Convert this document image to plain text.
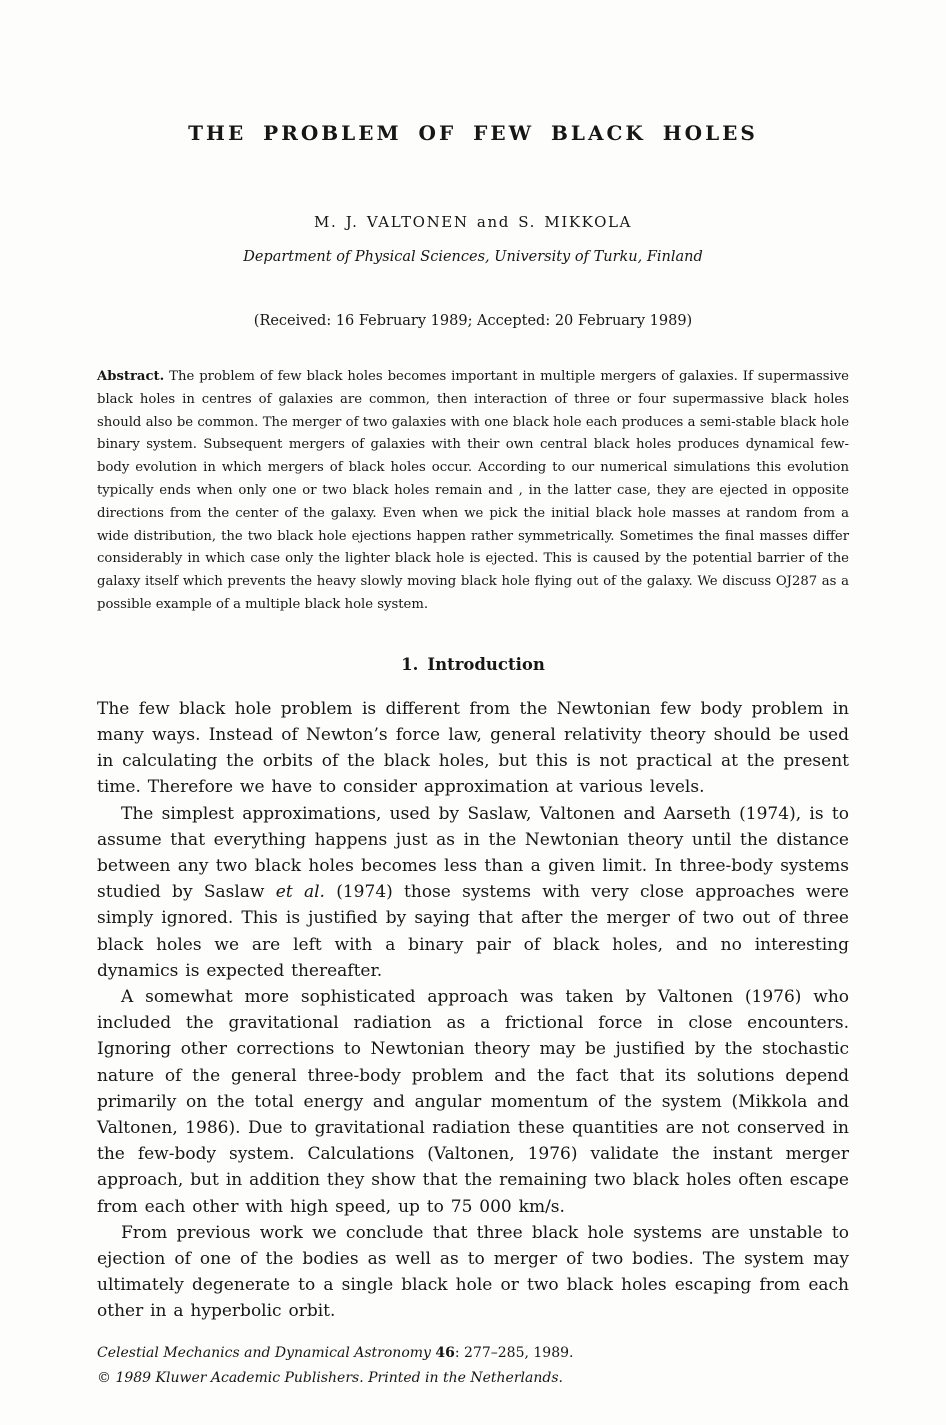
THE PROBLEM OF FEW BLACK HOLES
M. J. VALTONEN and S. MIKKOLA
Department of Physical Sciences, University of Turku, Finland
(Received: 16 February 1989; Accepted: 20 February 1989)

Abstract. The problem of few black holes becomes important in multiple mergers of galaxies. If supermassive black holes in centres of galaxies are common, then interaction of three or four supermassive black holes should also be common. The merger of two galaxies with one black hole each produces a semi-stable black hole binary system. Subsequent mergers of galaxies with their own central black holes produces dynamical few-body evolution in which mergers of black holes occur. According to our numerical simulations this evolution typically ends when only one or two black holes remain and , in the latter case, they are ejected in opposite directions from the center of the galaxy. Even when we pick the initial black hole masses at random from a wide distribution, the two black hole ejections happen rather symmetrically. Sometimes the final masses differ considerably in which case only the lighter black hole is ejected. This is caused by the potential barrier of the galaxy itself which prevents the heavy slowly moving black hole flying out of the galaxy. We discuss OJ287 as a possible example of a multiple black hole system.

1. Introduction

The few black hole problem is different from the Newtonian few body problem in many ways. Instead of Newton’s force law, general relativity theory should be used in calculating the orbits of the black holes, but this is not practical at the present time. Therefore we have to consider approximation at various levels.

The simplest approximations, used by Saslaw, Valtonen and Aarseth (1974), is to assume that everything happens just as in the Newtonian theory until the distance between any two black holes becomes less than a given limit. In three-body systems studied by Saslaw et al. (1974) those systems with very close approaches were simply ignored. This is justified by saying that after the merger of two out of three black holes we are left with a binary pair of black holes, and no interesting dynamics is expected thereafter.

A somewhat more sophisticated approach was taken by Valtonen (1976) who included the gravitational radiation as a frictional force in close encounters. Ignoring other corrections to Newtonian theory may be justified by the stochastic nature of the general three-body problem and the fact that its solutions depend primarily on the total energy and angular momentum of the system (Mikkola and Valtonen, 1986). Due to gravitational radiation these quantities are not conserved in the few-body system. Calculations (Valtonen, 1976) validate the instant merger approach, but in addition they show that the remaining two black holes often escape from each other with high speed, up to 75 000 km/s.

From previous work we conclude that three black hole systems are unstable to ejection of one of the bodies as well as to merger of two bodies. The system may ultimately degenerate to a single black hole or two black holes escaping from each other in a hyperbolic orbit.

Celestial Mechanics and Dynamical Astronomy 46: 277–285, 1989.
© 1989 Kluwer Academic Publishers. Printed in the Netherlands.
